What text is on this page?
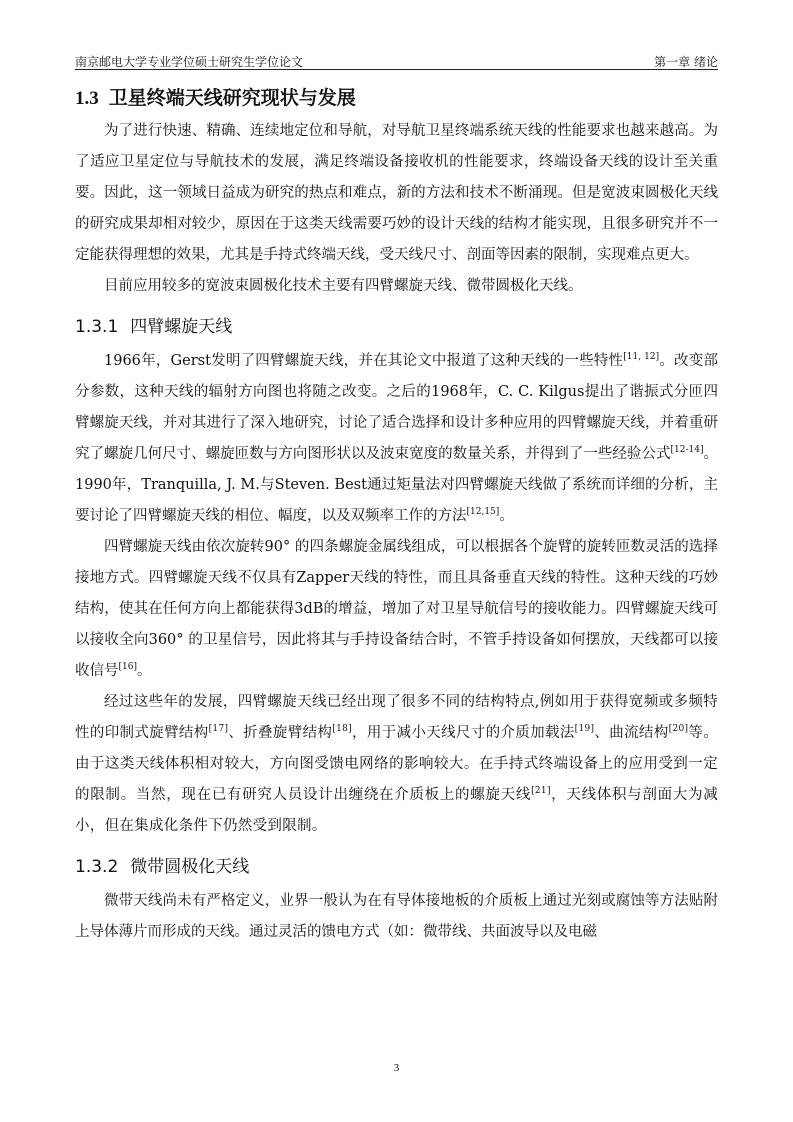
南京邮电大学专业学位硕士研究生学位论文	第一章 绪论
1.3 卫星终端天线研究现状与发展

为了进行快速、精确、连续地定位和导航，对导航卫星终端系统天线的性能要求也越来越高。为了适应卫星定位与导航技术的发展，满足终端设备接收机的性能要求，终端设备天线的设计至关重要。因此，这一领域日益成为研究的热点和难点，新的方法和技术不断涌现。但是宽波束圆极化天线的研究成果却相对较少，原因在于这类天线需要巧妙的设计天线的结构才能实现，且很多研究并不一定能获得理想的效果，尤其是手持式终端天线，受天线尺寸、剖面等因素的限制，实现难点更大。

目前应用较多的宽波束圆极化技术主要有四臂螺旋天线、微带圆极化天线。

1.3.1 四臂螺旋天线

1966年，Gerst发明了四臂螺旋天线，并在其论文中报道了这种天线的一些特性[11, 12]。改变部分参数，这种天线的辐射方向图也将随之改变。之后的1968年，C. C. Kilgus提出了谐振式分匝四臂螺旋天线，并对其进行了深入地研究，讨论了适合选择和设计多种应用的四臂螺旋天线，并着重研究了螺旋几何尺寸、螺旋匝数与方向图形状以及波束宽度的数量关系，并得到了一些经验公式[12-14]。1990年，Tranquilla, J. M.与Steven. Best通过矩量法对四臂螺旋天线做了系统而详细的分析，主要讨论了四臂螺旋天线的相位、幅度，以及双频率工作的方法[12,15]。

四臂螺旋天线由依次旋转90° 的四条螺旋金属线组成，可以根据各个旋臂的旋转匝数灵活的选择接地方式。四臂螺旋天线不仅具有Zapper天线的特性，而且具备垂直天线的特性。这种天线的巧妙结构，使其在任何方向上都能获得3dB的增益，增加了对卫星导航信号的接收能力。四臂螺旋天线可以接收全向360° 的卫星信号，因此将其与手持设备结合时，不管手持设备如何摆放，天线都可以接收信号[16]。

经过这些年的发展，四臂螺旋天线已经出现了很多不同的结构特点,例如用于获得宽频或多频特性的印制式旋臂结构[17]、折叠旋臂结构[18]，用于减小天线尺寸的介质加载法[19]、曲流结构[20]等。由于这类天线体积相对较大，方向图受馈电网络的影响较大。在手持式终端设备上的应用受到一定的限制。当然，现在已有研究人员设计出缠绕在介质板上的螺旋天线[21]，天线体积与剖面大为减小，但在集成化条件下仍然受到限制。

1.3.2 微带圆极化天线

微带天线尚未有严格定义，业界一般认为在有导体接地板的介质板上通过光刻或腐蚀等方法贴附上导体薄片而形成的天线。通过灵活的馈电方式（如：微带线、共面波导以及电磁

3
